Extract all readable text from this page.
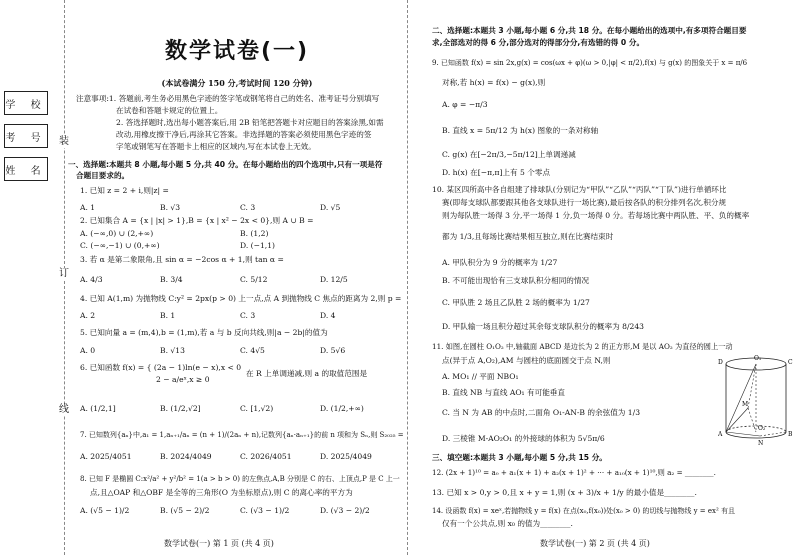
装
订
线
学 校
考 号
姓 名
数学试卷(一)
(本试卷满分 150 分,考试时间 120 分钟)
注意事项:1. 答题前,考生务必用黑色字迹的签字笔或钢笔将自己的姓名、准考证号分别填写
在试卷和答题卡规定的位置上。
2. 答选择题时,选出每小题答案后,用 2B 铅笔把答题卡对应题目的答案涂黑,如需
改动,用橡皮擦干净后,再涂其它答案。非选择题的答案必须使用黑色字迹的签
字笔或钢笔写在答题卡上相应的区域内,写在本试卷上无效。
一、选择题:本题共 8 小题,每小题 5 分,共 40 分。在每小题给出的四个选项中,只有一项是符
合题目要求的。
1. 已知 z = 2 + i,则|z| =
A. 1	B. √3	C. 3	D. √5
2. 已知集合 A = {x | |x| > 1},B = {x | x² − 2x < 0},则 A ∪ B =
A. (−∞,0) ∪ (2,+∞)	B. (1,2)
C. (−∞,−1) ∪ (0,+∞)	D. (−1,1)
3. 若 α 是第二象限角,且 sin α = −2cos α + 1,则 tan α =
A. 4/3	B. 3/4	C. 5/12	D. 12/5
4. 已知 A(1,m) 为抛物线 C:y² = 2px(p > 0) 上一点,点 A 到抛物线 C 焦点的距离为 2,则 p =
A. 2	B. 1	C. 3	D. 4
5. 已知向量 a = (m,4),b = (1,m),若 a 与 b 反向共线,则|a − 2b|的值为
A. 0	B. √13	C. 4√5	D. 5√6
6. 已知函数 f(x) = { (2a − 1)ln(e − x),x < 0
2 − a/eˣ,x ≥ 0
在 R 上单调递减,则 a 的取值范围是
A. (1/2,1]	B. (1/2,√2]	C. [1,√2)	D. (1/2,+∞)
7. 已知数列{aₙ}中,a₁ = 1,aₙ₊₁/aₙ = (n + 1)/(2aₙ + n),记数列{aₙ·aₙ₊₁}的前 n 项和为 Sₙ,则 S₂₀₂₅ =
A. 2025/4051	B. 2024/4049	C. 2026/4051	D. 2025/4049
8. 已知 F 是椭圆 C:x²/a² + y²/b² = 1(a > b > 0) 的左焦点,A,B 分别是 C 的右、上顶点,P 是 C 上一
点,且△OAP 和△OBF 是全等的三角形(O 为坐标原点),则 C 的离心率的平方为
A. (√5 − 1)/2	B. (√5 − 2)/2	C. (√3 − 1)/2	D. (√3 − 2)/2
数学试卷(一) 第 1 页 (共 4 页)
二、选择题:本题共 3 小题,每小题 6 分,共 18 分。在每小题给出的选项中,有多项符合题目要
求,全部选对的得 6 分,部分选对的得部分分,有选错的得 0 分。
9. 已知函数 f(x) = sin 2x,g(x) = cos(ωx + φ)(ω > 0,|φ| < π/2),f(x) 与 g(x) 的图象关于 x = π/6
对称,若 h(x) = f(x) − g(x),则
A. φ = −π/3
B. 直线 x = 5π/12 为 h(x) 图象的一条对称轴
C. g(x) 在[−2π/3,−5π/12]上单调递减
D. h(x) 在[−π,π]上有 5 个零点
10. 某区四所高中各自组建了排球队(分别记为“甲队”“乙队”“丙队”“丁队”)进行单循环比
赛(即每支球队都要跟其他各支球队进行一场比赛),最后按各队的积分排列名次,积分规
则为每队胜一场得 3 分,平一场得 1 分,负一场得 0 分。若每场比赛中两队胜、平、负的概率
都为 1/3,且每场比赛结果相互独立,则在比赛结束时
A. 甲队积分为 9 分的概率为 1/27
B. 不可能出现恰有三支球队积分相同的情况
C. 甲队胜 2 场且乙队胜 2 场的概率为 1/27
D. 甲队输一场且积分超过其余每支球队积分的概率为 8/243
11. 如图,在圆柱 O₁O₂ 中,轴截面 ABCD 是边长为 2 的正方形,M 是以 AO₂ 为直径的圆上一动
点(异于点 A,O₂),AM 与圆柱的底面圆交于点 N,则
A. MO₁ // 平面 NBO₁
B. 直线 NB 与直线 AO₁ 有可能垂直
C. 当 N 为 AB 的中点时,二面角 O₁-AN-B 的余弦值为 1/3
D. 三棱锥 M-AO₂O₁ 的外接球的体积为 5√5π/6
O₁
D	C
M
A
O₂
B
N
三、填空题:本题共 3 小题,每小题 5 分,共 15 分。
12. (2x + 1)¹⁰ = a₀ + a₁(x + 1) + a₂(x + 1)² + ··· + a₁₀(x + 1)¹⁰,则 a₂ = ________.
13. 已知 x > 0,y > 0,且 x + y = 1,则 (x + 3)/x + 1/y 的最小值是________.
14. 设函数 f(x) = xeˣ,若抛物线 y = f(x) 在点(x₀,f(x₀))处(x₀ > 0) 的切线与抛物线 y = ex² 有且
仅有一个公共点,则 x₀ 的值为________.
数学试卷(一) 第 2 页 (共 4 页)
